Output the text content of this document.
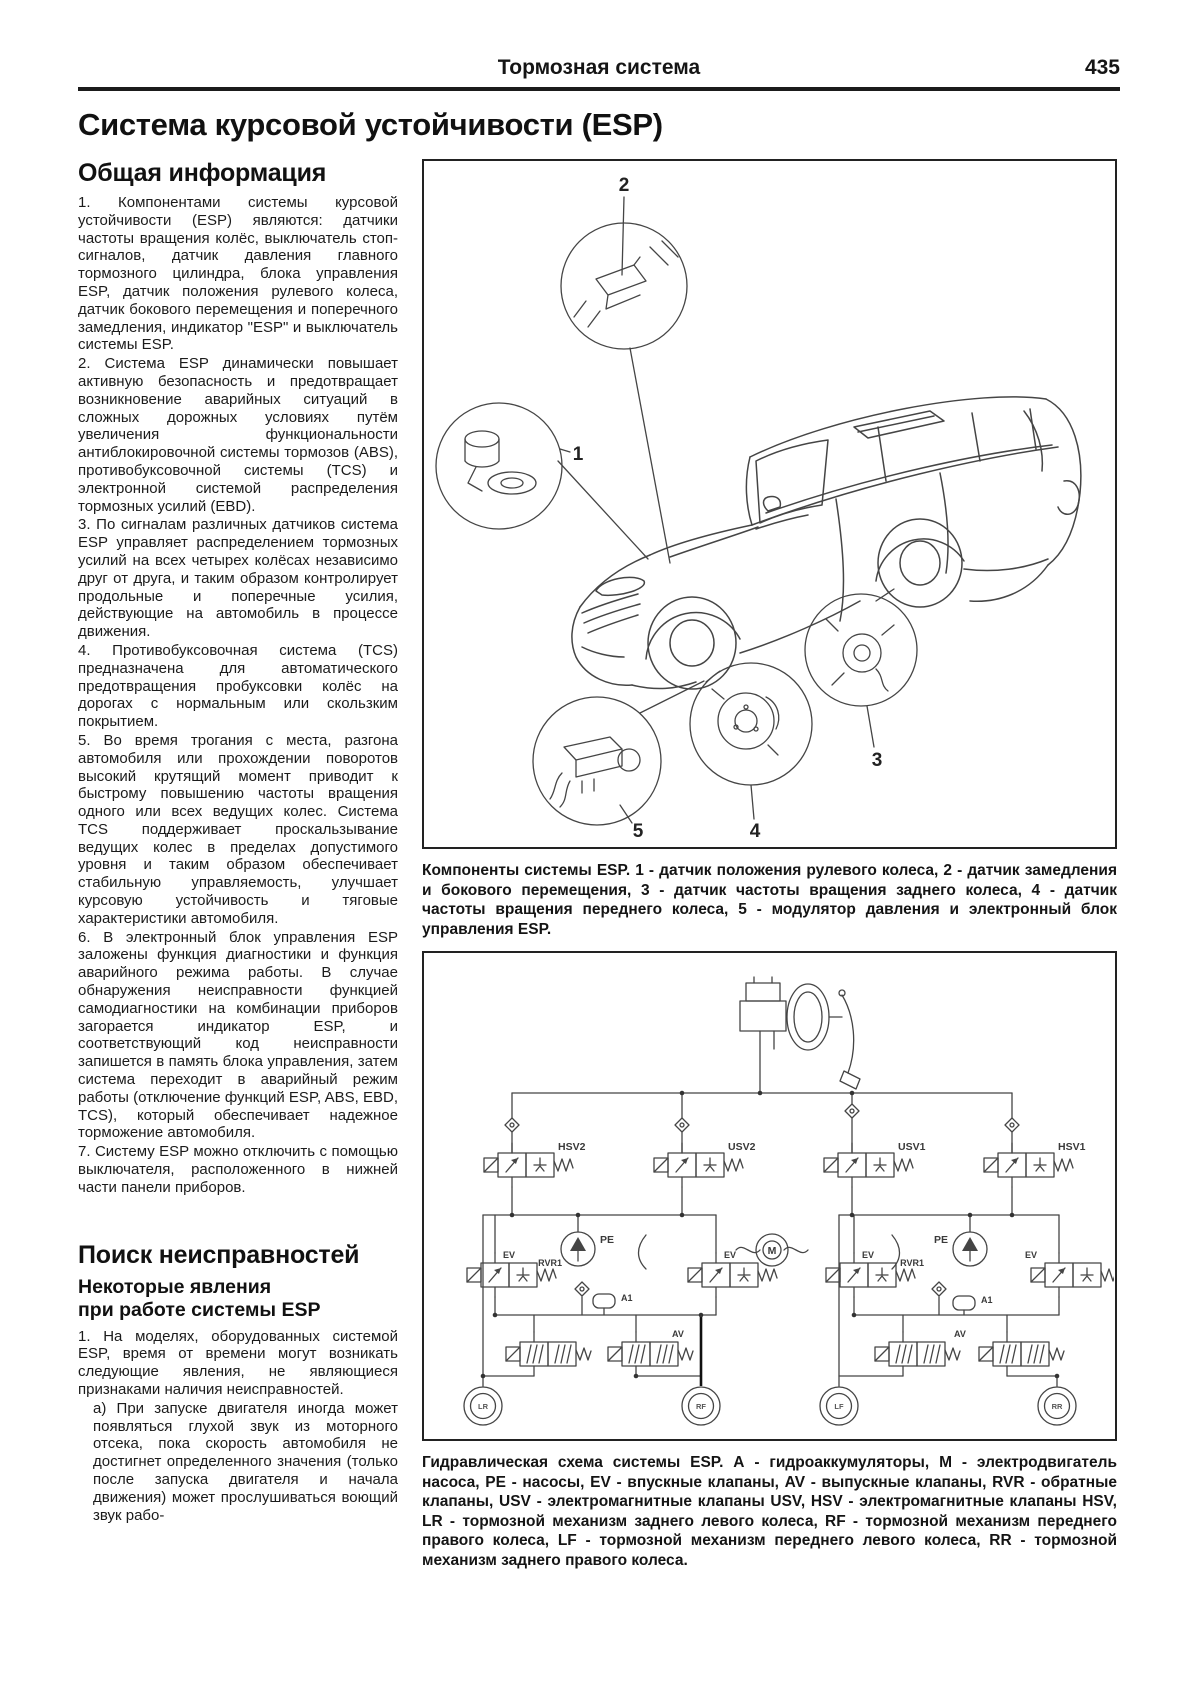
Тормозная система	435
Система курсовой устойчивости (ESP)
Общая информация

1. Компонентами системы курсовой устойчивости (ESP) являются: датчики частоты вращения колёс, выключатель стоп-сигналов, датчик давления главного тормозного цилиндра, блока управления ESP, датчик положения рулевого колеса, датчик бокового перемещения и поперечного замедления, индикатор "ESP" и выключатель системы ESP.

2. Система ESP динамически повышает активную безопасность и предотвращает возникновение аварийных ситуаций в сложных дорожных условиях путём увеличения функциональности антиблокировочной системы тормозов (ABS), противобуксовочной системы (TCS) и электронной системой распределения тормозных усилий (EBD).

3. По сигналам различных датчиков система ESP управляет распределением тормозных усилий на всех четырех колёсах независимо друг от друга, и таким образом контролирует продольные и поперечные усилия, действующие на автомобиль в процессе движения.

4. Противобуксовочная система (TCS) предназначена для автоматического предотвращения пробуксовки колёс на дорогах с нормальным или скользким покрытием.

5. Во время трогания с места, разгона автомобиля или прохождении поворотов высокий крутящий момент приводит к быстрому повышению частоты вращения одного или всех ведущих колес. Система TCS поддерживает проскальзывание ведущих колес в пределах допустимого уровня и таким образом обеспечивает стабильную управляемость, улучшает курсовую устойчивость и тяговые характеристики автомобиля.

6. В электронный блок управления ESP заложены функция диагностики и функция аварийного режима работы. В случае обнаружения неисправности функцией самодиагностики на комбинации приборов загорается индикатор ESP, и соответствующий код неисправности запишется в память блока управления, затем система переходит в аварийный режим работы (отключение функций ESP, ABS, EBD, TCS), который обеспечивает надежное торможение автомобиля.

7. Систему ESP можно отключить с помощью выключателя, расположенного в нижней части панели приборов.

Поиск неисправностей
Некоторые явления
при работе системы ESP

1. На моделях, оборудованных системой ESP, время от времени могут возникать следующие явления, не являющиеся признаками наличия неисправностей.

а) При запуске двигателя иногда может появляться глухой звук из моторного отсека, пока скорость автомобиля не достигнет определенного значения (только после запуска двигателя и начала движения) может прослушиваться воющий звук рабо-

2
1
5	4
3
Компоненты системы ESP. 1 - датчик положения рулевого колеса, 2 - датчик замедления и бокового перемещения, 3 - датчик частоты вращения заднего колеса, 4 - датчик частоты вращения переднего колеса, 5 - модулятор давления и электронный блок управления ESP.
HSV2	USV2	USV1	HSV1
PE	PE
M
EV	EV	EV	EV
RVR1	RVR1
A1	A1
AV	AV
LR	RF	LF	RR
Гидравлическая схема системы ESP. А - гидроаккумуляторы, М - электродвигатель насоса, PE - насосы, EV - впускные клапаны, AV - выпускные клапаны, RVR - обратные клапаны, USV - электромагнитные клапаны USV, HSV - электромагнитные клапаны HSV, LR - тормозной механизм заднего левого колеса, RF - тормозной механизм переднего правого колеса, LF - тормозной механизм переднего левого колеса, RR - тормозной механизм заднего правого колеса.
